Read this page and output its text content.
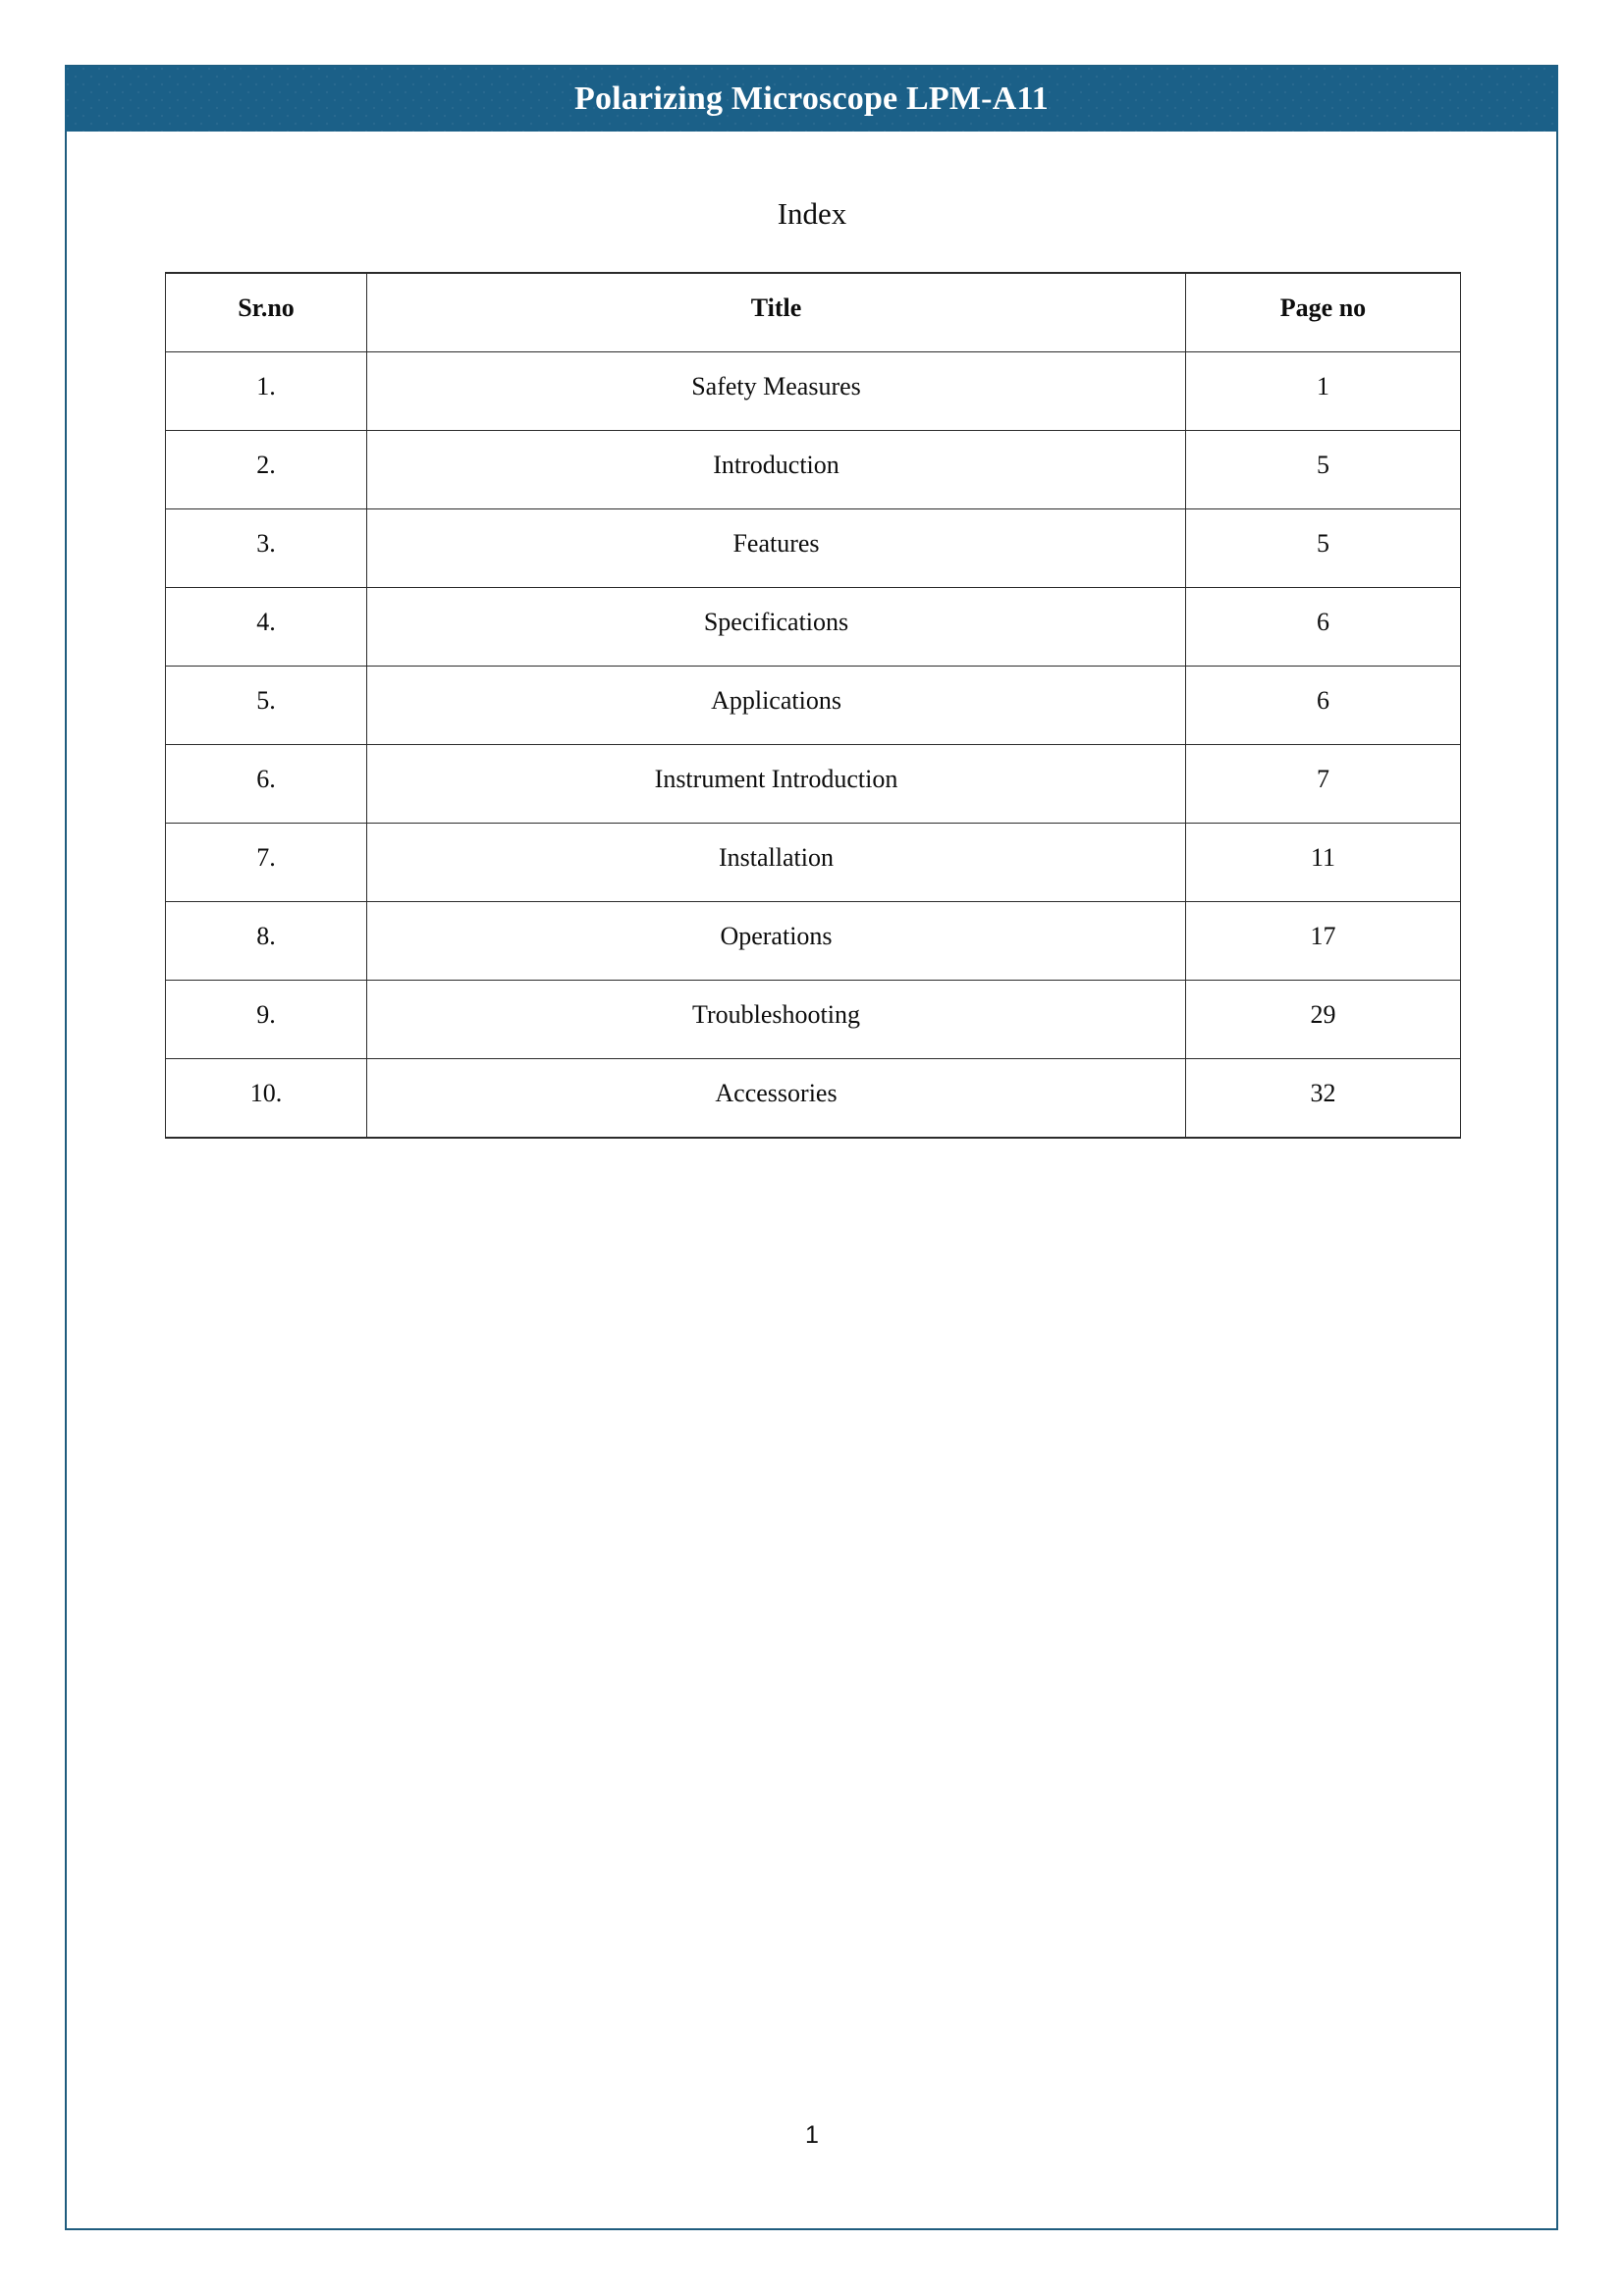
Polarizing Microscope LPM-A11
Index
Sr.no	Title	Page no

1.	Safety Measures	1

2.	Introduction	5

3.	Features	5

4.	Specifications	6

5.	Applications	6

6.	Instrument Introduction	7

7.	Installation	11

8.	Operations	17

9.	Troubleshooting	29

10.	Accessories	32
1
